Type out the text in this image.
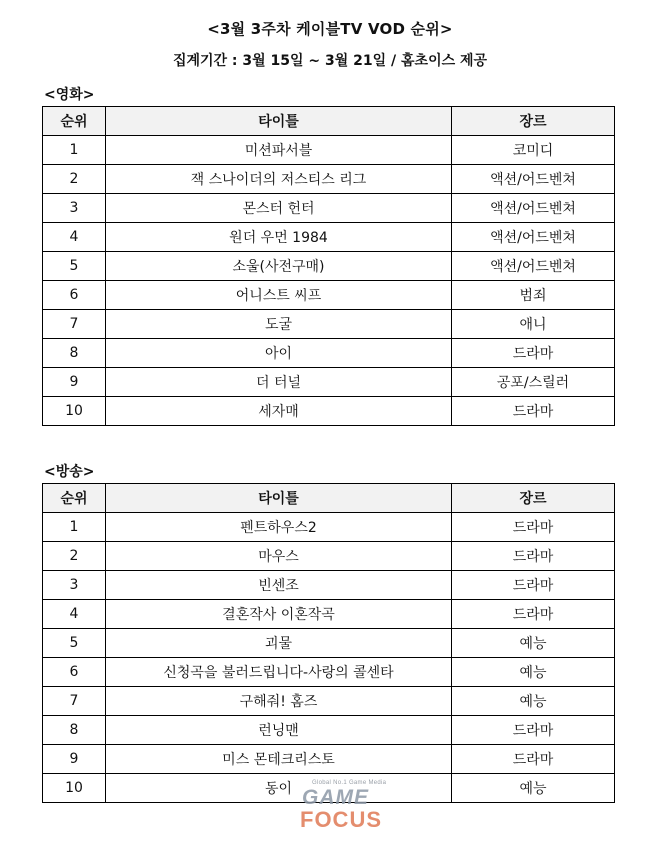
<3월 3주차 케이블TV VOD 순위>
집계기간 : 3월 15일 ~ 3월 21일 / 홈초이스 제공
<영화>
순위	타이틀	장르
1	미션파서블	코미디
2	잭 스나이더의 저스티스 리그	액션/어드벤쳐
3	몬스터 헌터	액션/어드벤쳐
4	원더 우먼 1984	액션/어드벤쳐
5	소울(사전구매)	액션/어드벤쳐
6	어니스트 씨프	범죄
7	도굴	애니
8	아이	드라마
9	더 터널	공포/스릴러
10	세자매	드라마
<방송>
순위	타이틀	장르
1	펜트하우스2	드라마
2	마우스	드라마
3	빈센조	드라마
4	결혼작사 이혼작곡	드라마
5	괴물	예능
6	신청곡을 불러드립니다-사랑의 콜센타	예능
7	구해줘! 홈즈	예능
8	런닝맨	드라마
9	미스 몬테크리스토	드라마
10	동이	예능
Global No.1 Game Media
GAME
FOCUS
